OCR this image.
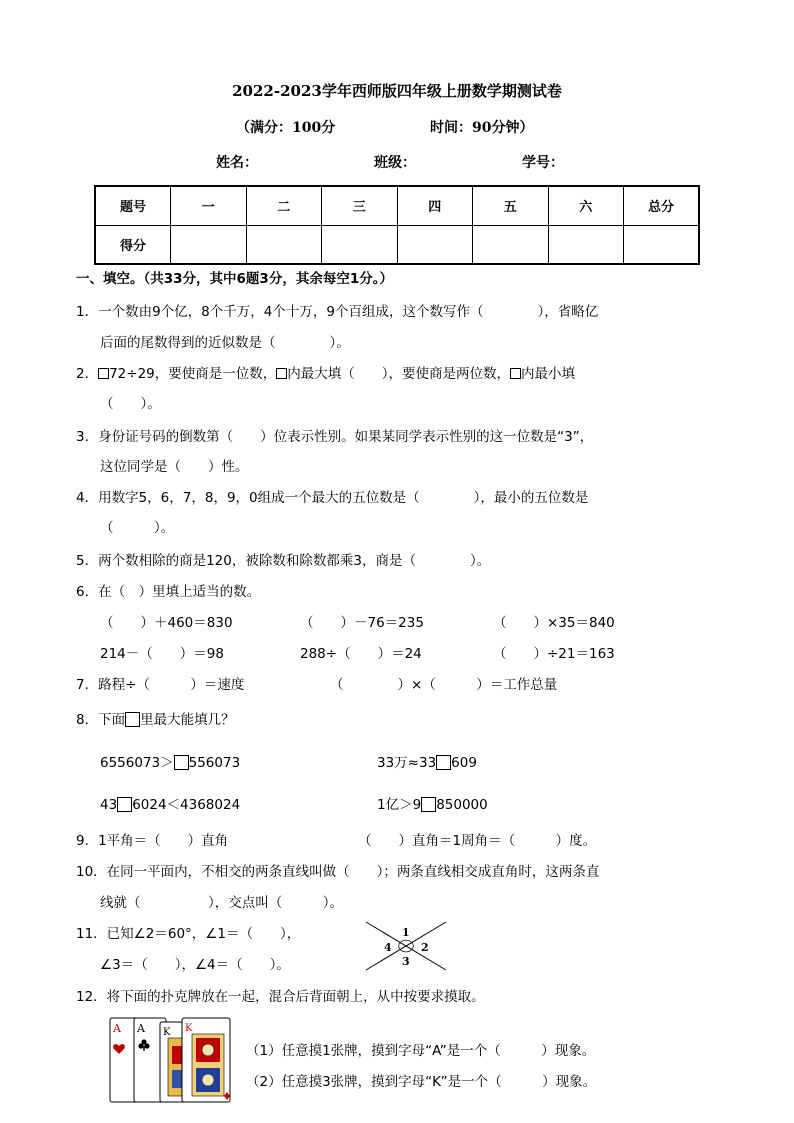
2022-2023学年西师版四年级上册数学期测试卷
（满分：100分	时间：90分钟）
姓名：	班级：	学号：
题号	一	二	三	四	五	六	总分
得分							
一、填空。（共33分，其中6题3分，其余每空1分。）
1．一个数由9个亿，8个千万，4个十万，9个百组成，这个数写作（　　　　），省略亿
后面的尾数得到的近似数是（　　　　）。
2． 72÷29，要使商是一位数， 内最大填（　　），要使商是两位数， 内最小填
（　　）。
3．身份证号码的倒数第（　　）位表示性别。如果某同学表示性别的这一位数是“3”，
这位同学是（　　）性。
4．用数字5，6，7，8，9，0组成一个最大的五位数是（　　　　），最小的五位数是
（　　　）。
5．两个数相除的商是120，被除数和除数都乘3，商是（　　　　）。
6．在（　）里填上适当的数。
（　　）＋460＝830	（　　）－76＝235	（　　）×35＝840
214－（　　）＝98	288÷（　　）＝24	（　　）÷21＝163
7．路程÷（　　　）＝速度	（　　　　）×（　　　）＝工作总量
8．下面 里最大能填几？
6556073＞ 556073	33万≈33 609
43 6024＜4368024	1亿＞9 850000
9．1平角＝（　　）直角	（　　）直角＝1周角＝（　　　）度。
10．在同一平面内，不相交的两条直线叫做（　　）；两条直线相交成直角时，这两条直
线就（　　　　　），交点叫（　　　）。
11．已知∠2＝60°，∠1＝（　　），
∠3＝（　　），∠4＝（　　）。
1
2
3
4
12．将下面的扑克牌放在一起，混合后背面朝上，从中按要求摸取。
A A K K
（1）任意摸1张牌，摸到字母“A”是一个（　　　）现象。
（2）任意摸3张牌，摸到字母“K”是一个（　　　）现象。
